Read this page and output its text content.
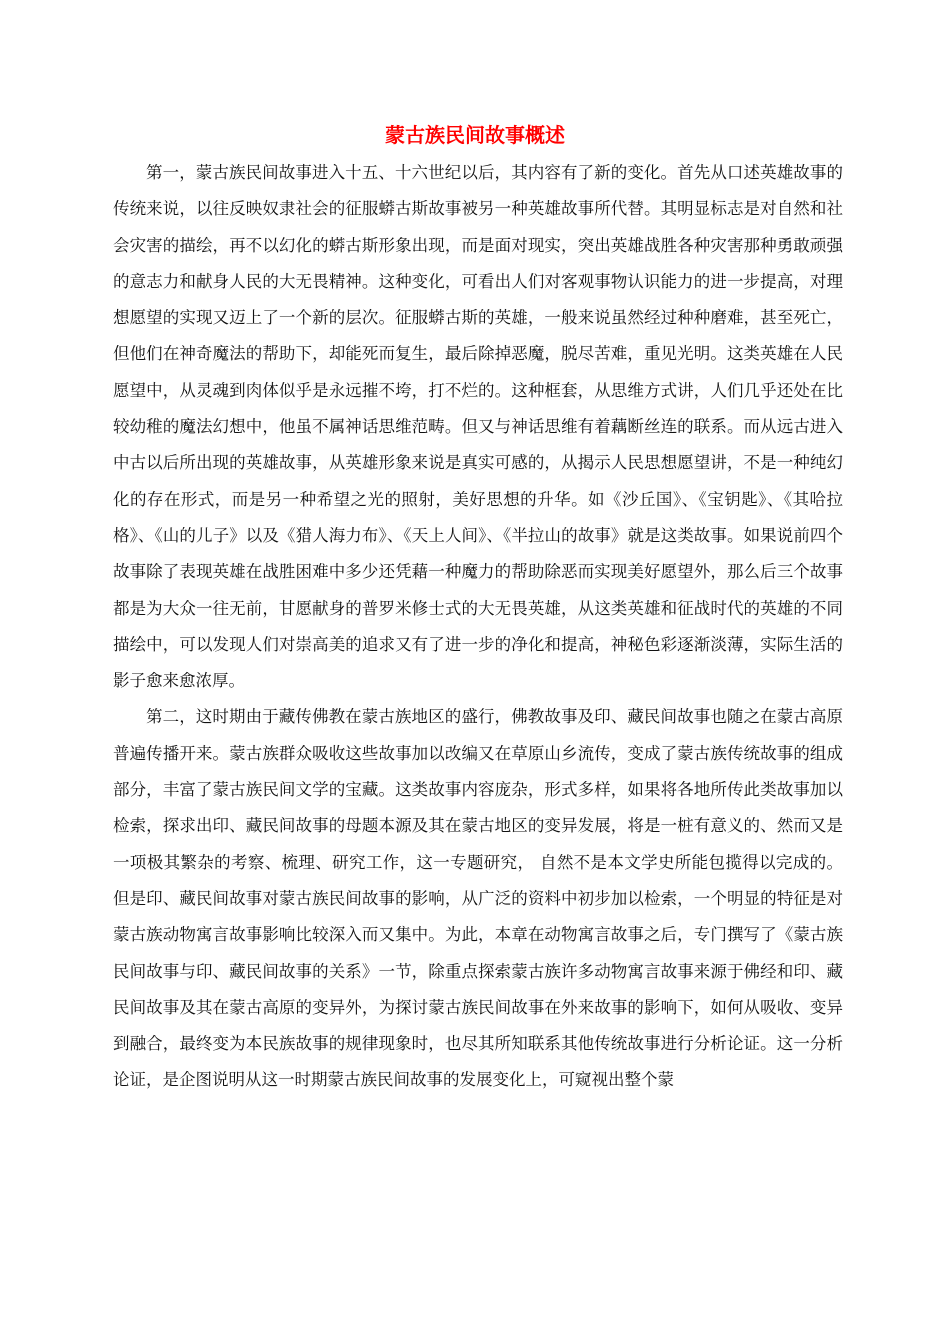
蒙古族民间故事概述

第一，蒙古族民间故事进入十五、十六世纪以后，其内容有了新的变化。首先从口述英雄故事的传统来说，以往反映奴隶社会的征服蟒古斯故事被另一种英雄故事所代替。其明显标志是对自然和社会灾害的描绘，再不以幻化的蟒古斯形象出现，而是面对现实，突出英雄战胜各种灾害那种勇敢顽强的意志力和献身人民的大无畏精神。这种变化，可看出人们对客观事物认识能力的进一步提高，对理想愿望的实现又迈上了一个新的层次。征服蟒古斯的英雄，一般来说虽然经过种种磨难，甚至死亡，但他们在神奇魔法的帮助下，却能死而复生，最后除掉恶魔，脱尽苦难，重见光明。这类英雄在人民愿望中，从灵魂到肉体似乎是永远摧不垮，打不烂的。这种框套，从思维方式讲，人们几乎还处在比较幼稚的魔法幻想中，他虽不属神话思维范畴。但又与神话思维有着藕断丝连的联系。而从远古进入中古以后所出现的英雄故事，从英雄形象来说是真实可感的，从揭示人民思想愿望讲，不是一种纯幻化的存在形式，而是另一种希望之光的照射，美好思想的升华。如《沙丘国》、《宝钥匙》、《其哈拉格》、《山的儿子》以及《猎人海力布》、《天上人间》、《半拉山的故事》就是这类故事。如果说前四个故事除了表现英雄在战胜困难中多少还凭藉一种魔力的帮助除恶而实现美好愿望外，那么后三个故事都是为大众一往无前，甘愿献身的普罗米修士式的大无畏英雄，从这类英雄和征战时代的英雄的不同描绘中，可以发现人们对崇高美的追求又有了进一步的净化和提高，神秘色彩逐渐淡薄，实际生活的影子愈来愈浓厚。

第二，这时期由于藏传佛教在蒙古族地区的盛行，佛教故事及印、藏民间故事也随之在蒙古高原普遍传播开来。蒙古族群众吸收这些故事加以改编又在草原山乡流传，变成了蒙古族传统故事的组成部分，丰富了蒙古族民间文学的宝藏。这类故事内容庞杂，形式多样，如果将各地所传此类故事加以检索，探求出印、藏民间故事的母题本源及其在蒙古地区的变异发展，将是一桩有意义的、然而又是一项极其繁杂的考察、梳理、研究工作，这一专题研究， 自然不是本文学史所能包揽得以完成的。但是印、藏民间故事对蒙古族民间故事的影响，从广泛的资料中初步加以检索，一个明显的特征是对蒙古族动物寓言故事影响比较深入而又集中。为此，本章在动物寓言故事之后，专门撰写了《蒙古族民间故事与印、藏民间故事的关系》一节，除重点探索蒙古族许多动物寓言故事来源于佛经和印、藏民间故事及其在蒙古高原的变异外，为探讨蒙古族民间故事在外来故事的影响下，如何从吸收、变异到融合，最终变为本民族故事的规律现象时，也尽其所知联系其他传统故事进行分析论证。这一分析论证，是企图说明从这一时期蒙古族民间故事的发展变化上，可窥视出整个蒙
